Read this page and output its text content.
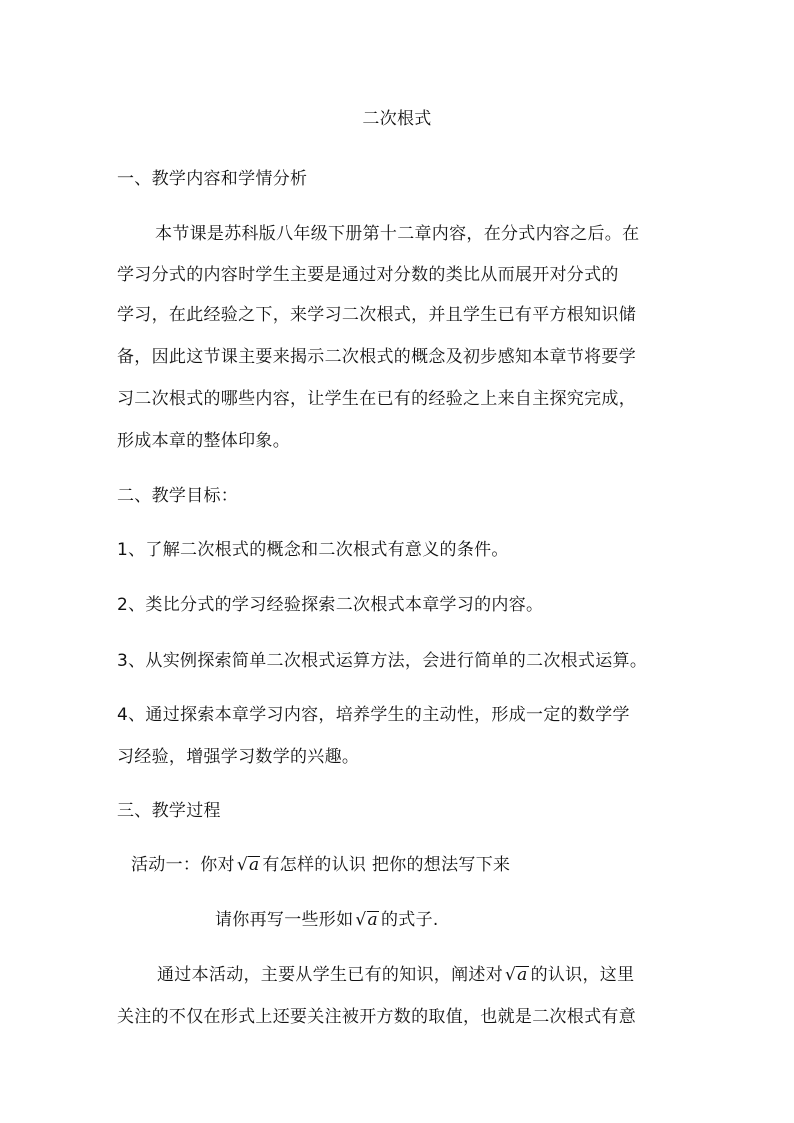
二次根式
一、教学内容和学情分析
本节课是苏科版八年级下册第十二章内容，在分式内容之后。在
学习分式的内容时学生主要是通过对分数的类比从而展开对分式的
学习，在此经验之下，来学习二次根式，并且学生已有平方根知识储
备，因此这节课主要来揭示二次根式的概念及初步感知本章节将要学
习二次根式的哪些内容，让学生在已有的经验之上来自主探究完成，
形成本章的整体印象。
二、教学目标：
1、了解二次根式的概念和二次根式有意义的条件。
2、类比分式的学习经验探索二次根式本章学习的内容。
3、从实例探索简单二次根式运算方法，会进行简单的二次根式运算。
4、通过探索本章学习内容，培养学生的主动性，形成一定的数学学
习经验，增强学习数学的兴趣。
三、教学过程
活动一：你对 √a 有怎样的认识 把你的想法写下来
请你再写一些形如 √a 的式子.
通过本活动，主要从学生已有的知识，阐述对 √a 的认识，这里
关注的不仅在形式上还要关注被开方数的取值，也就是二次根式有意
